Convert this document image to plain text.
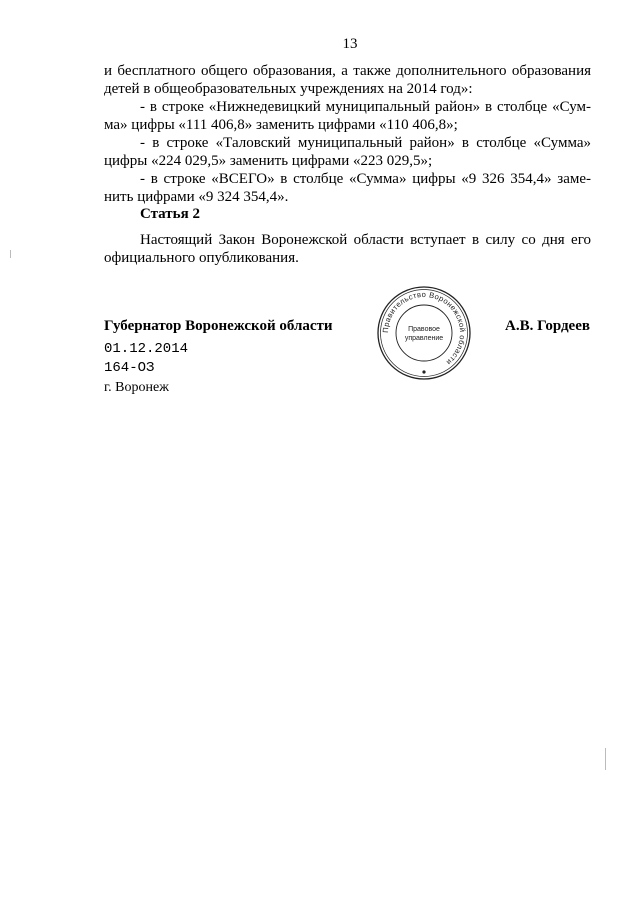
13

и бесплатного общего образования, а также дополнительного образования

детей в общеобразовательных учреждениях на 2014 год»:

- в строке «Нижнедевицкий муниципальный район» в столбце «Сум-

ма» цифры «111 406,8» заменить цифрами «110 406,8»;

- в строке «Таловский муниципальный район» в столбце «Сумма»

цифры «224 029,5» заменить цифрами «223 029,5»;

- в строке «ВСЕГО» в столбце «Сумма» цифры «9 326 354,4» заме-

нить цифрами «9 324 354,4».

Статья 2

Настоящий Закон Воронежской области вступает в силу со дня его

официального опубликования.

Губернатор Воронежской области	Правительство Воронежской области
Правовое
управление
А.В. Гордеев
01.12.2014
164-ОЗ
г. Воронеж
